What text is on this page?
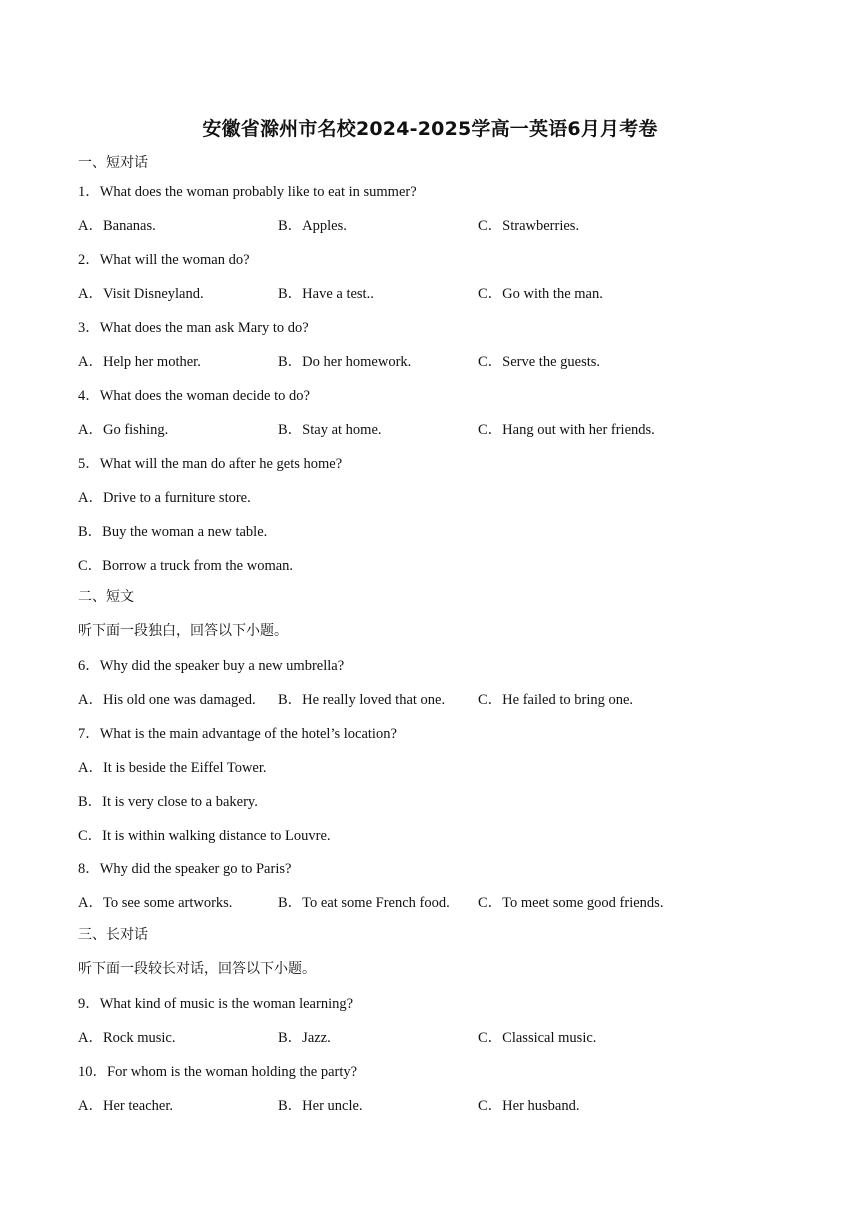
安徽省滁州市名校2024-2025学高一英语6月月考卷
一、短对话
1．What does the woman probably like to eat in summer?
A．Bananas.	B．Apples.	C．Strawberries.
2．What will the woman do?
A．Visit Disneyland.	B．Have a test..	C．Go with the man.
3．What does the man ask Mary to do?
A．Help her mother.	B．Do her homework.	C．Serve the guests.
4．What does the woman decide to do?
A．Go fishing.	B．Stay at home.	C．Hang out with her friends.
5．What will the man do after he gets home?
A．Drive to a furniture store.
B．Buy the woman a new table.
C．Borrow a truck from the woman.
二、短文
听下面一段独白，回答以下小题。
6．Why did the speaker buy a new umbrella?
A．His old one was damaged. B．He really loved that one. C．He failed to bring one.
7．What is the main advantage of the hotel’s location?
A．It is beside the Eiffel Tower.
B．It is very close to a bakery.
C．It is within walking distance to Louvre.
8．Why did the speaker go to Paris?
A．To see some artworks.	B．To eat some French food. C．To meet some good friends.
三、长对话
听下面一段较长对话，回答以下小题。
9．What kind of music is the woman learning?
A．Rock music.	B．Jazz.	C．Classical music.
10．For whom is the woman holding the party?
A．Her teacher.	B．Her uncle.	C．Her husband.
